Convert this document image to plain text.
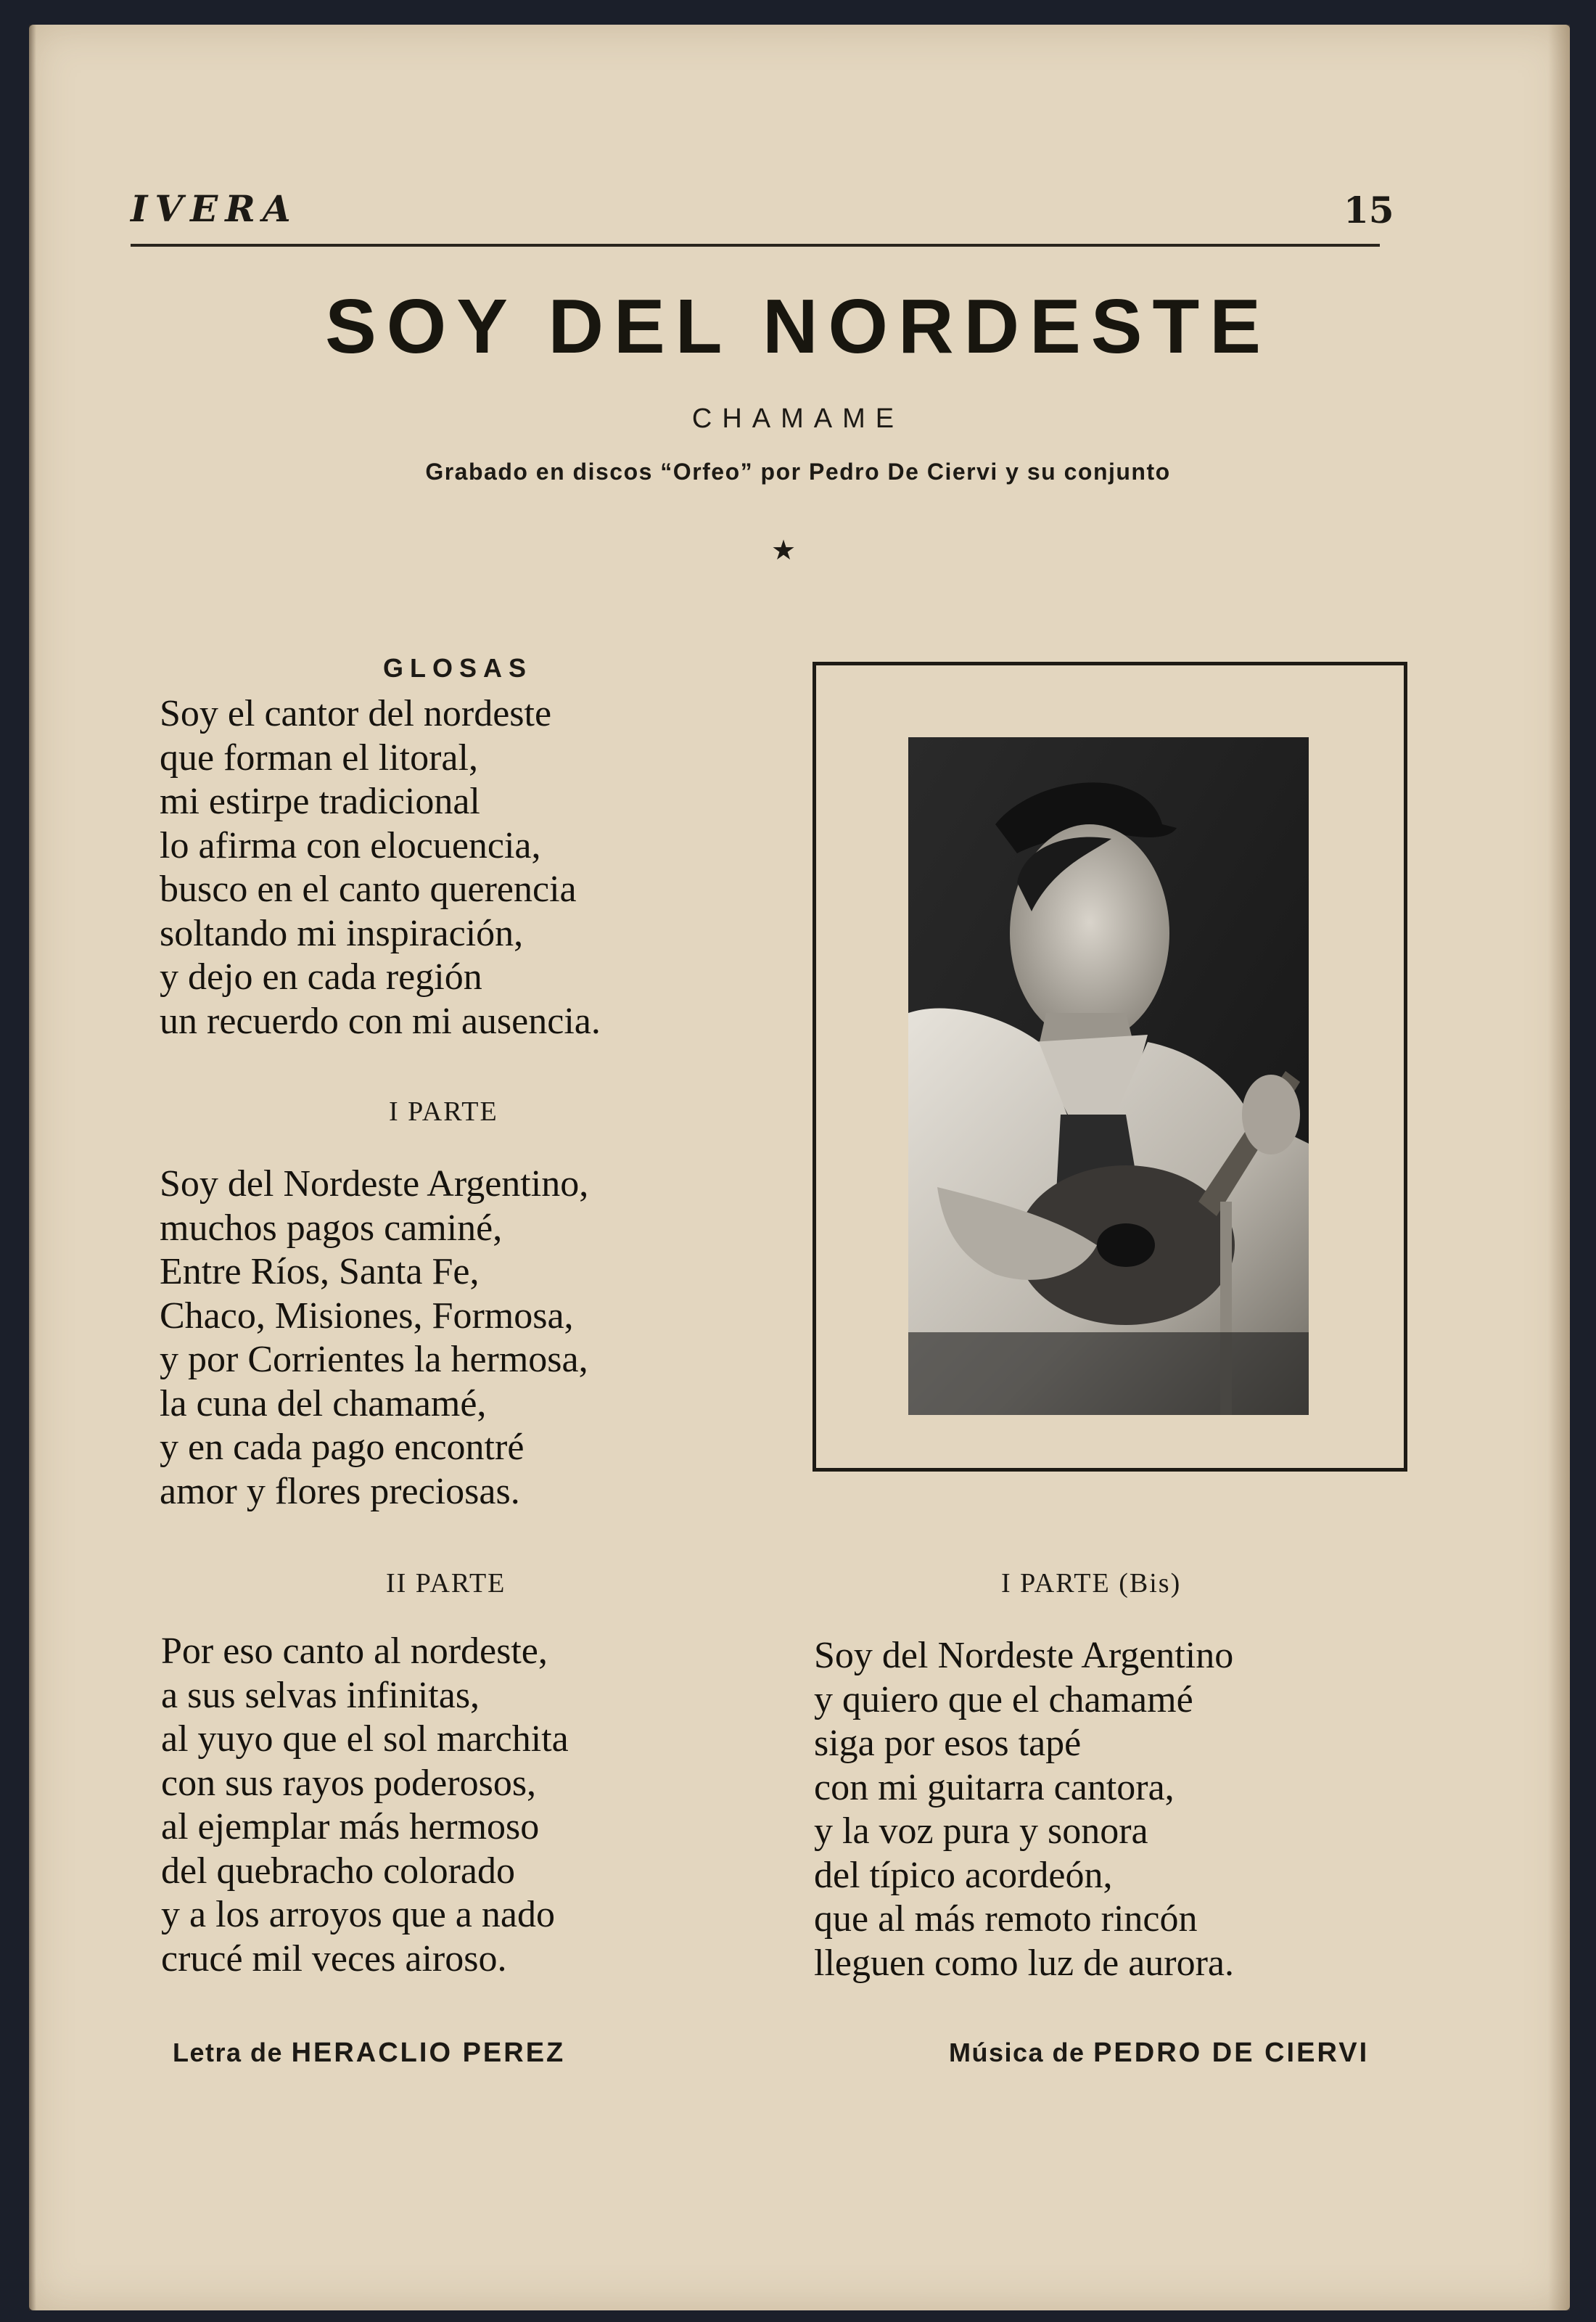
IVERA	15
SOY DEL NORDESTE
CHAMAME
Grabado en discos “Orfeo” por Pedro De Ciervi y su conjunto
★
GLOSAS
Soy el cantor del nordeste
que forman el litoral,
mi estirpe tradicional
lo afirma con elocuencia,
busco en el canto querencia
soltando mi inspiración,
y dejo en cada región
un recuerdo con mi ausencia.
I PARTE
Soy del Nordeste Argentino,
muchos pagos caminé,
Entre Ríos, Santa Fe,
Chaco, Misiones, Formosa,
y por Corrientes la hermosa,
la cuna del chamamé,
y en cada pago encontré
amor y flores preciosas.
II PARTE
Por eso canto al nordeste,
a sus selvas infinitas,
al yuyo que el sol marchita
con sus rayos poderosos,
al ejemplar más hermoso
del quebracho colorado
y a los arroyos que a nado
crucé mil veces airoso.
I PARTE (Bis)
Soy del Nordeste Argentino
y quiero que el chamamé
siga por esos tapé
con mi guitarra cantora,
y la voz pura y sonora
del típico acordeón,
que al más remoto rincón
lleguen como luz de aurora.
Letra de HERACLIO PEREZ	Música de PEDRO DE CIERVI
